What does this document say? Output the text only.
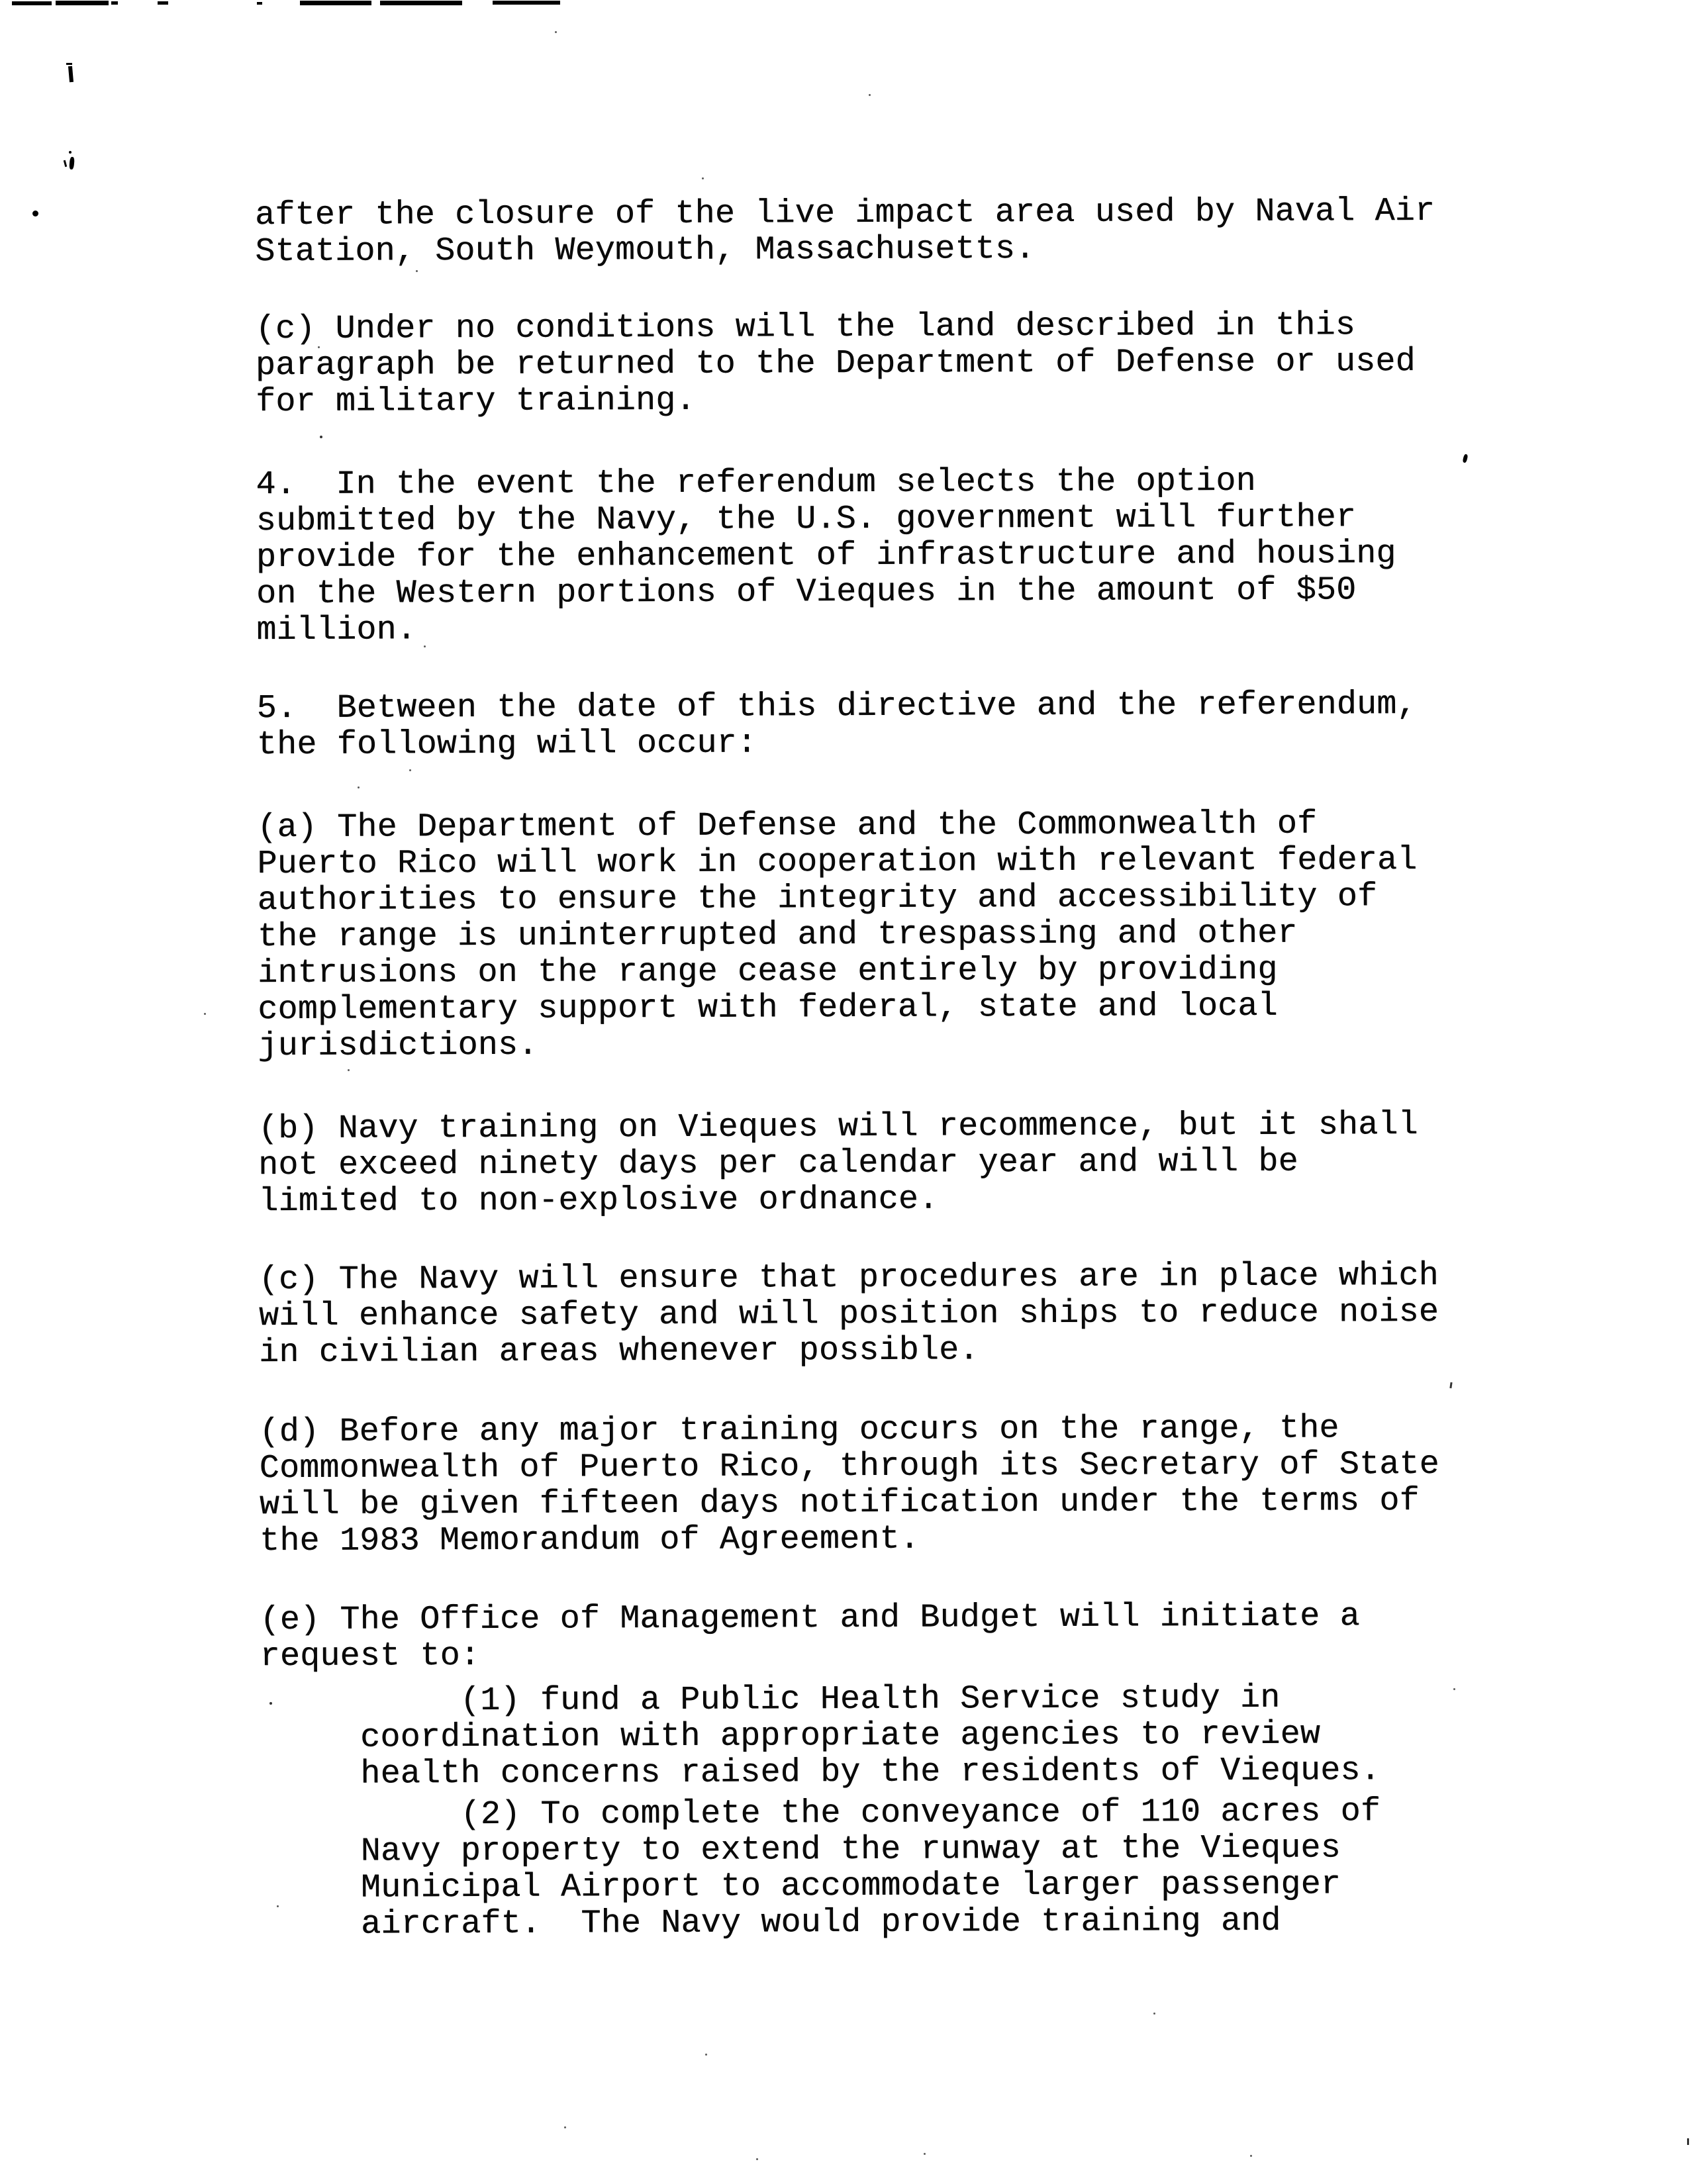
after the closure of the live impact area used by Naval Air
Station, South Weymouth, Massachusetts.
(c) Under no conditions will the land described in this
paragraph be returned to the Department of Defense or used
for military training.
4.  In the event the referendum selects the option
submitted by the Navy, the U.S. government will further
provide for the enhancement of infrastructure and housing
on the Western portions of Vieques in the amount of $50
million.
5.  Between the date of this directive and the referendum,
the following will occur:
(a) The Department of Defense and the Commonwealth of
Puerto Rico will work in cooperation with relevant federal
authorities to ensure the integrity and accessibility of
the range is uninterrupted and trespassing and other
intrusions on the range cease entirely by providing
complementary support with federal, state and local
jurisdictions.
(b) Navy training on Vieques will recommence, but it shall
not exceed ninety days per calendar year and will be
limited to non-explosive ordnance.
(c) The Navy will ensure that procedures are in place which
will enhance safety and will position ships to reduce noise
in civilian areas whenever possible.
(d) Before any major training occurs on the range, the
Commonwealth of Puerto Rico, through its Secretary of State
will be given fifteen days notification under the terms of
the 1983 Memorandum of Agreement.
(e) The Office of Management and Budget will initiate a
request to:
(1) fund a Public Health Service study in
coordination with appropriate agencies to review
health concerns raised by the residents of Vieques.
(2) To complete the conveyance of 110 acres of
Navy property to extend the runway at the Vieques
Municipal Airport to accommodate larger passenger
aircraft.  The Navy would provide training and
